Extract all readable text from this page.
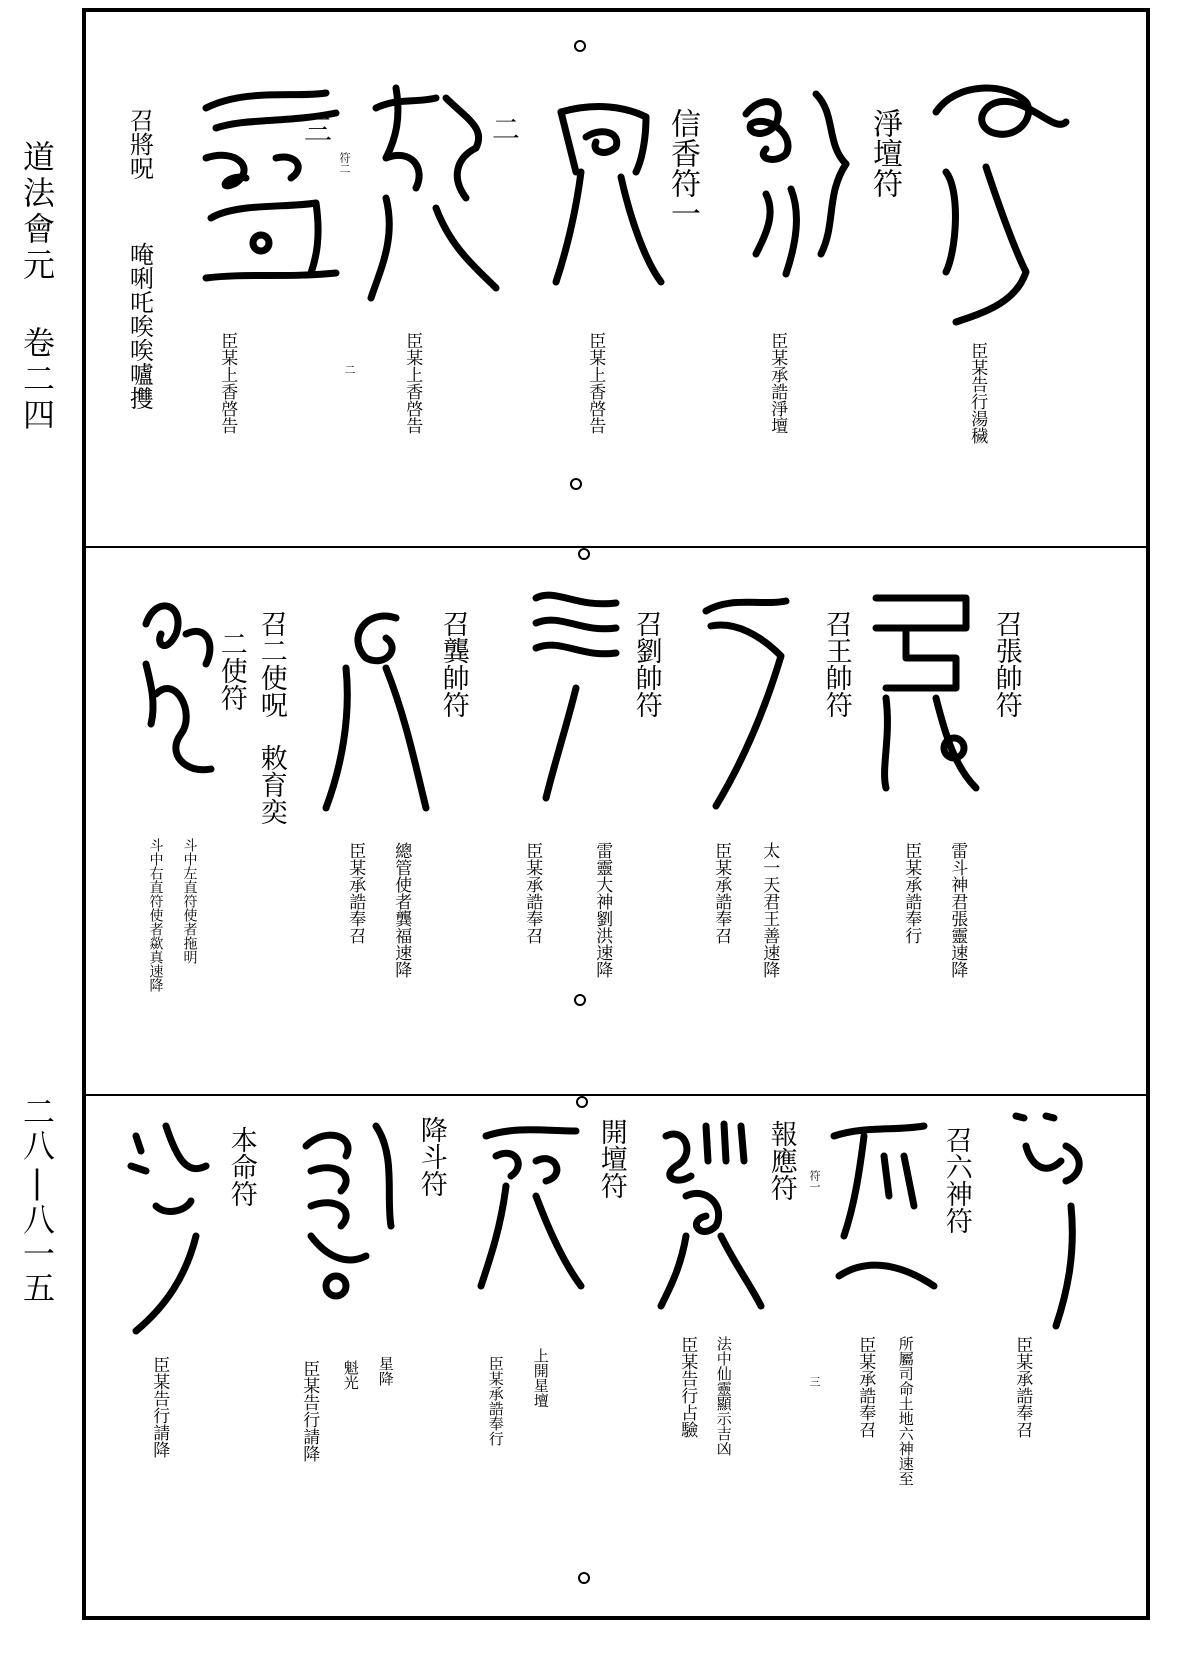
道法會元 卷二四
二八|八一五
淨壇符
信香符一
二
符二
三
召將呪
唵唎吒唉唉嚧㩳	臣某告行湯穢
臣某承誥淨壇
臣某上香啓告
臣某上香啓告
二
臣某上香啓告
召張帥符
召王帥符
召劉帥符
召龔帥符
召二使呪
敕育奕
二使符
雷斗神君張靈速降
臣某承誥奉行
太一天君王善速降
臣某承誥奉召
雷靈大神劉洪速降
臣某承誥奉召
總管使者龔福速降
臣某承誥奉召
斗中左直符使者拖明
斗中右直符使者歘真速降
召六神符
報應符 符一
開壇符
降斗符
本命符
臣某承誥奉召
所屬司命土地六神速至
臣某承誥奉召
三
法中仙靈顯示吉凶
臣某告行占驗
上開星壇
臣某承誥奉行
星降
魁光
臣某告行請降
臣某告行請降
